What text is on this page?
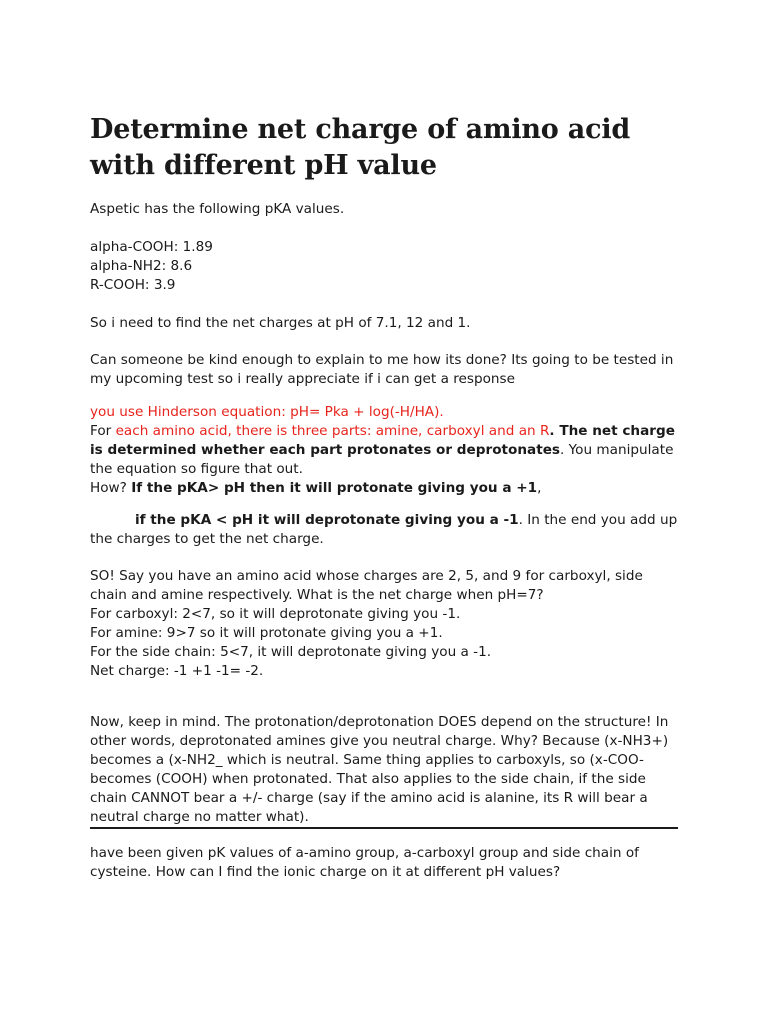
Determine net charge of amino acid with different pH value

Aspetic has the following pKA values.

alpha-COOH: 1.89
alpha-NH2: 8.6
R-COOH: 3.9

So i need to find the net charges at pH of 7.1, 12 and 1.

Can someone be kind enough to explain to me how its done? Its going to be tested in my upcoming test so i really appreciate if i can get a response

you use Hinderson equation: pH= Pka + log(-H/HA).
For each amino acid, there is three parts: amine, carboxyl and an R. The net charge is determined whether each part protonates or deprotonates. You manipulate the equation so figure that out.
How? If the pKA> pH then it will protonate giving you a +1,
if the pKA < pH it will deprotonate giving you a -1. In the end you add up the charges to get the net charge.
SO! Say you have an amino acid whose charges are 2, 5, and 9 for carboxyl, side chain and amine respectively. What is the net charge when pH=7?
For carboxyl: 2<7, so it will deprotonate giving you -1.
For amine: 9>7 so it will protonate giving you a +1.
For the side chain: 5<7, it will deprotonate giving you a -1.
Net charge: -1 +1 -1= -2.

Now, keep in mind. The protonation/deprotonation DOES depend on the structure! In other words, deprotonated amines give you neutral charge. Why? Because (x-NH3+) becomes a (x-NH2_ which is neutral. Same thing applies to carboxyls, so (x-COO- becomes (COOH) when protonated. That also applies to the side chain, if the side chain CANNOT bear a +/- charge (say if the amino acid is alanine, its R will bear a neutral charge no matter what).

have been given pK values of a-amino group, a-carboxyl group and side chain of cysteine. How can I find the ionic charge on it at different pH values?
